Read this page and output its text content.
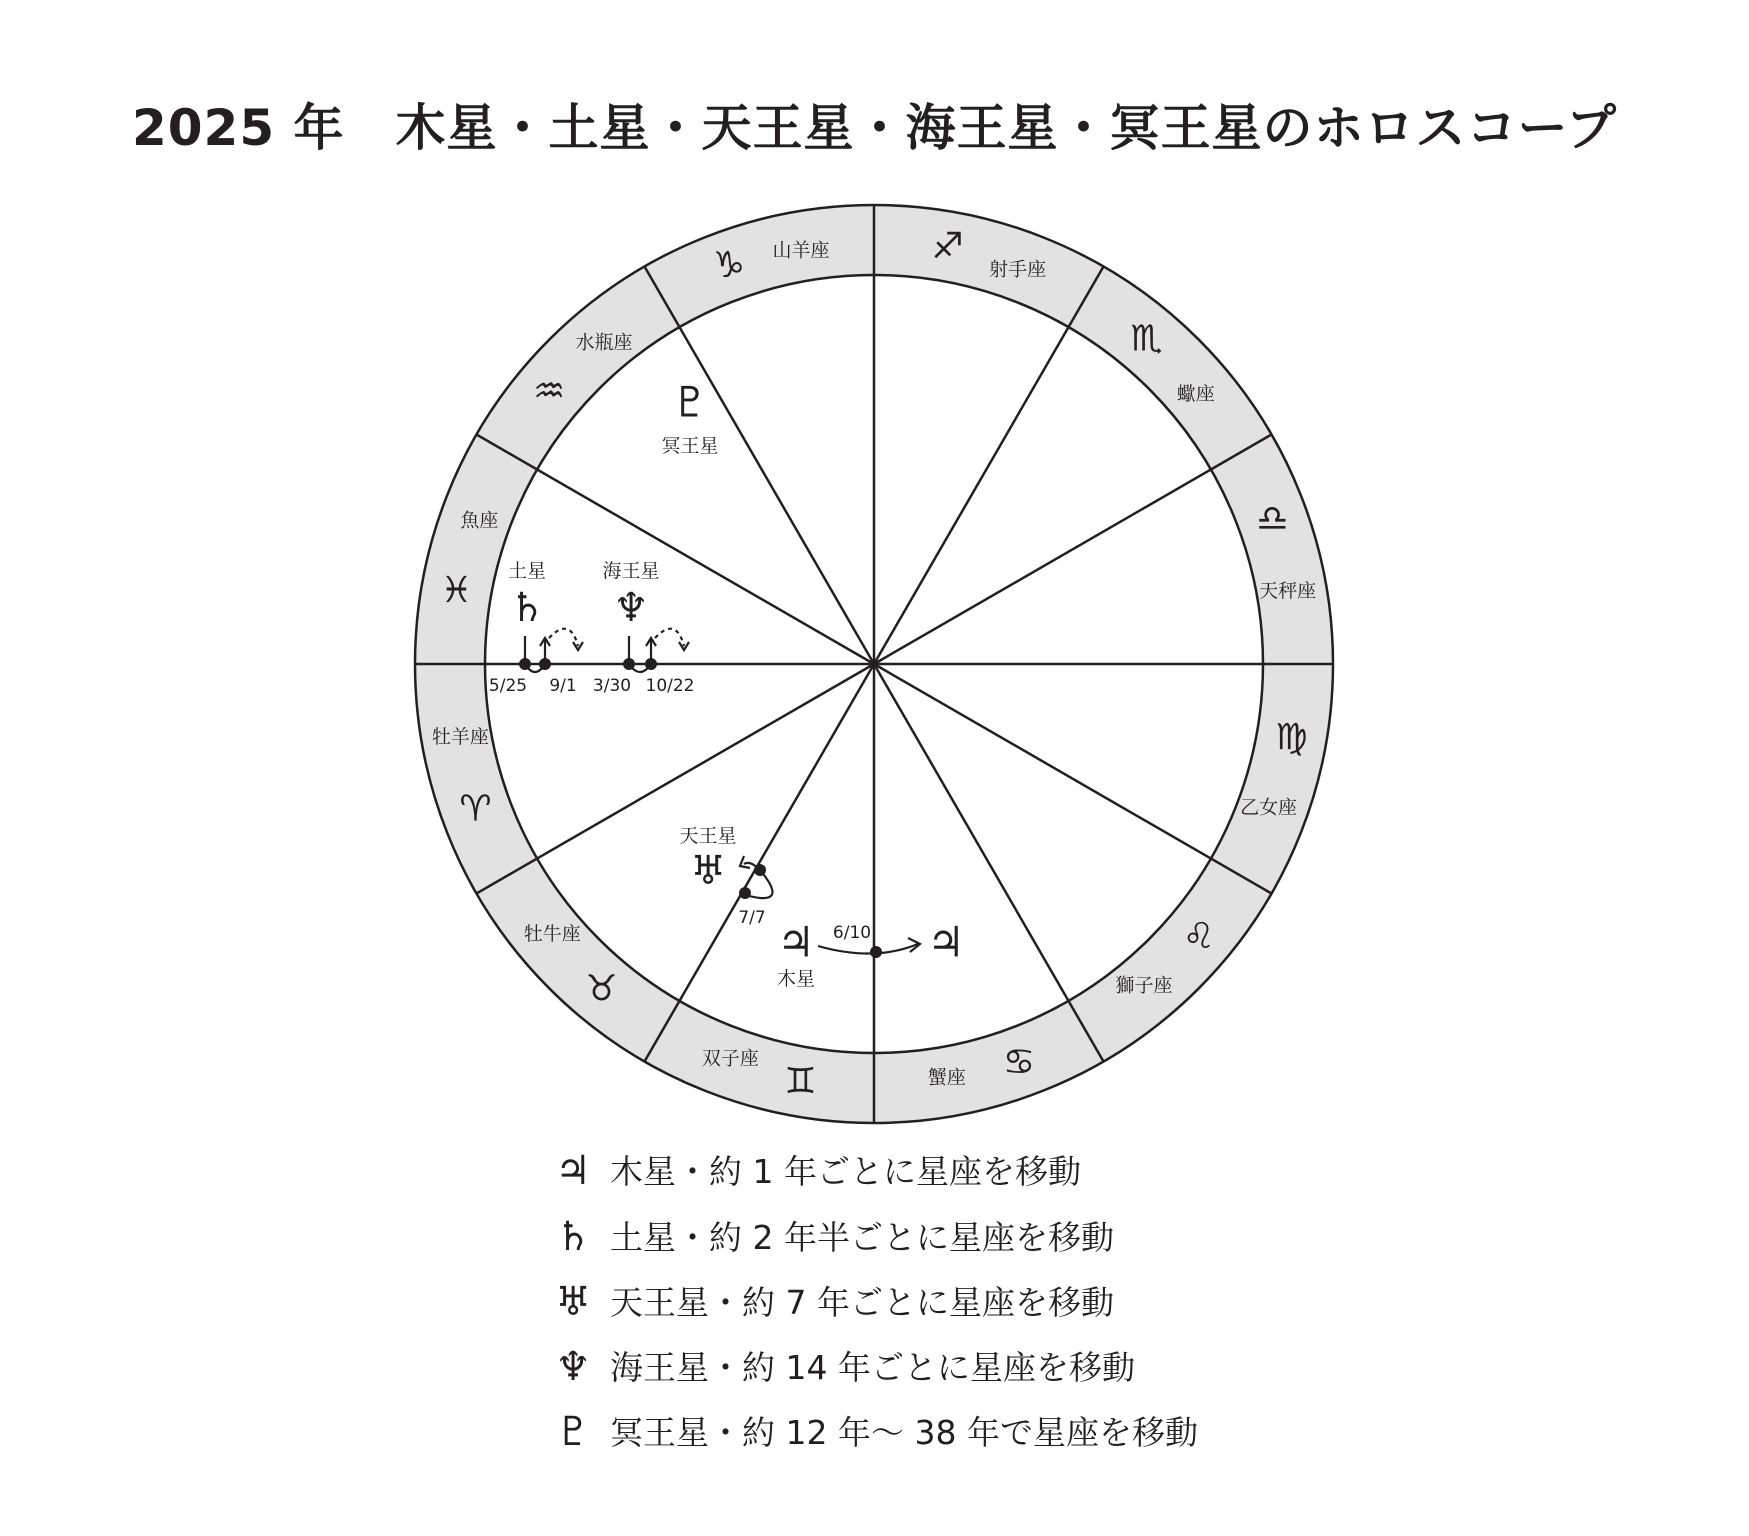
2025 年　木星・土星・天王星・海王星・冥王星のホロスコープ
♑ 山羊座
♒
水瓶座
♓
魚座
♈
牡羊座
♉
牡牛座
♊
双子座	♋
蟹座
♌
獅子座
♍
乙女座
♎
天秤座
♏
蠍座
♐
射手座
♇
冥王星
土星
♄
5/25 9/1
海王星
♆
3/30 10/22
天王星
♅
7/7 ♃
木星
6/10 ♃
♃ 木星・約 1 年ごとに星座を移動
♄ 土星・約 2 年半ごとに星座を移動
♅ 天王星・約 7 年ごとに星座を移動
♆ 海王星・約 14 年ごとに星座を移動
♇ 冥王星・約 12 年〜 38 年で星座を移動
